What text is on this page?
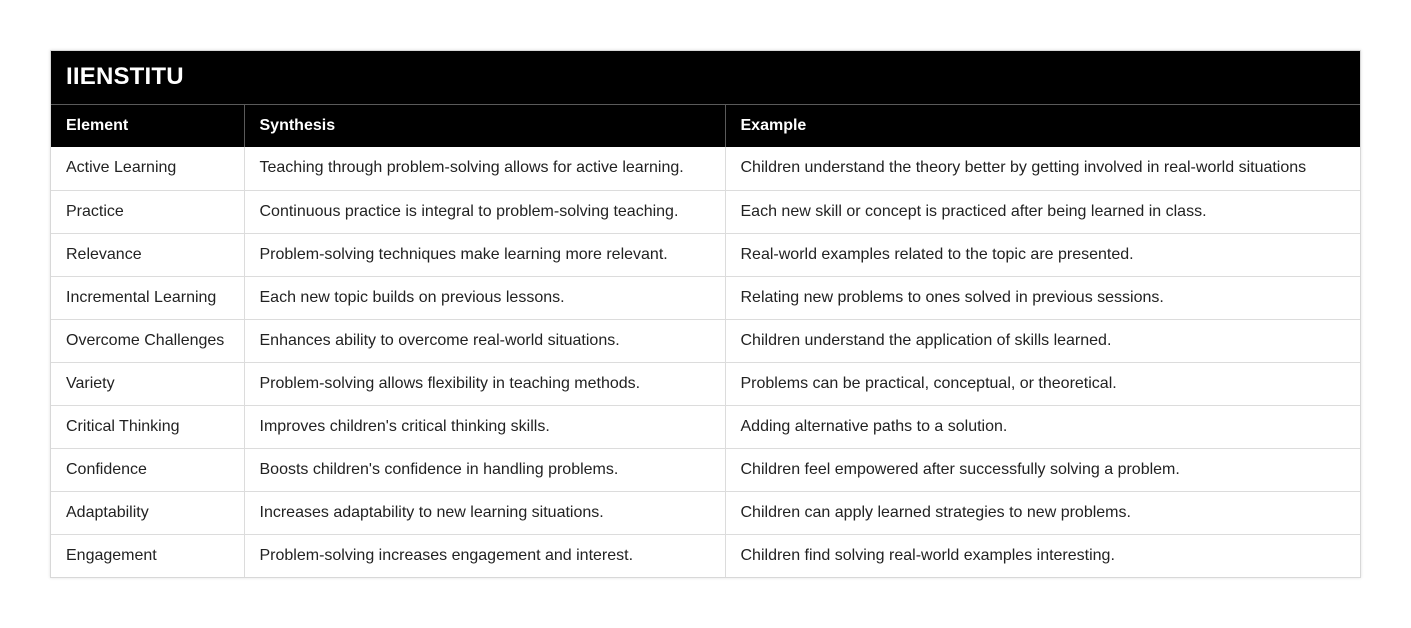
IIENSTITU		
Element	Synthesis	Example
Active Learning	Teaching through problem-solving allows for active learning.	Children understand the theory better by getting involved in real-world situations
Practice	Continuous practice is integral to problem-solving teaching.	Each new skill or concept is practiced after being learned in class.
Relevance	Problem-solving techniques make learning more relevant.	Real-world examples related to the topic are presented.
Incremental Learning	Each new topic builds on previous lessons.	Relating new problems to ones solved in previous sessions.
Overcome Challenges	Enhances ability to overcome real-world situations.	Children understand the application of skills learned.
Variety	Problem-solving allows flexibility in teaching methods.	Problems can be practical, conceptual, or theoretical.
Critical Thinking	Improves children's critical thinking skills.	Adding alternative paths to a solution.
Confidence	Boosts children's confidence in handling problems.	Children feel empowered after successfully solving a problem.
Adaptability	Increases adaptability to new learning situations.	Children can apply learned strategies to new problems.
Engagement	Problem-solving increases engagement and interest.	Children find solving real-world examples interesting.
